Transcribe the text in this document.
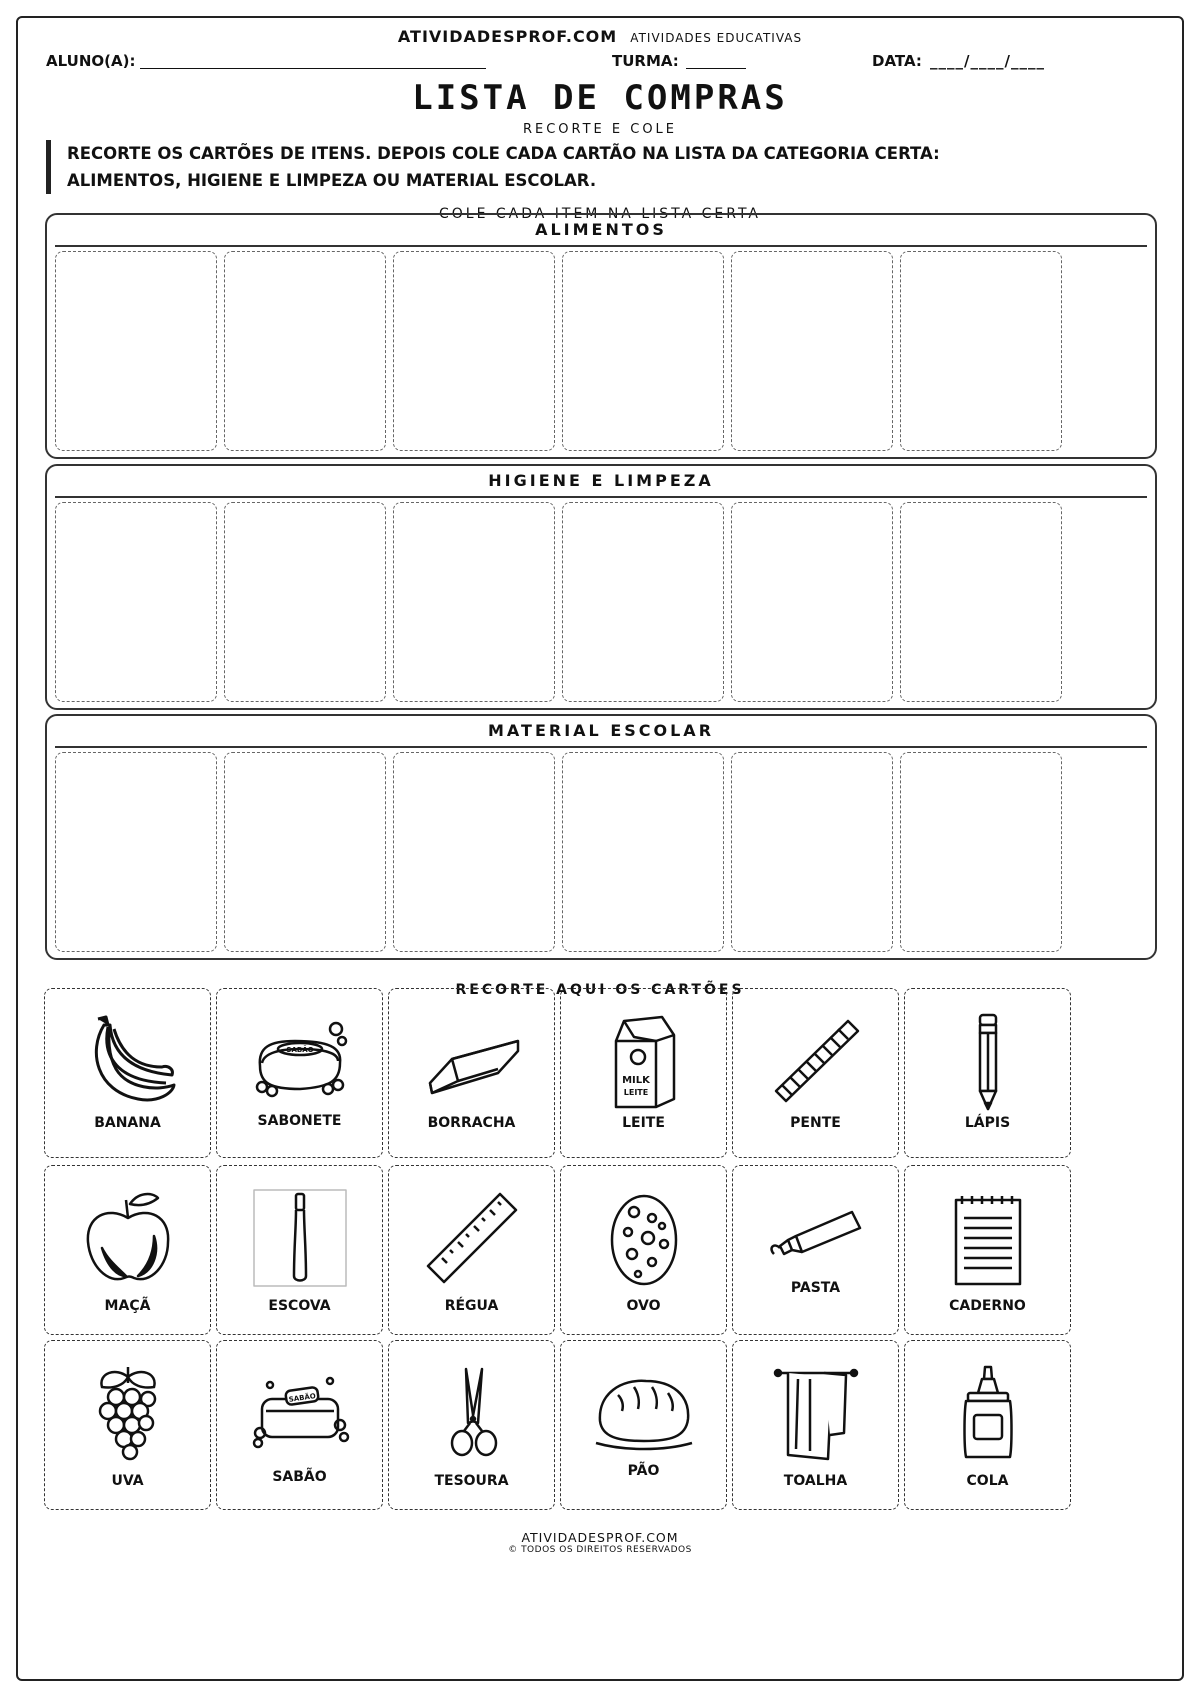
ATIVIDADESPROF.COM ATIVIDADES EDUCATIVAS
ALUNO(A):	TURMA:	DATA: ____/____/____
LISTA DE COMPRAS
RECORTE E COLE
RECORTE OS CARTÕES DE ITENS. DEPOIS COLE CADA CARTÃO NA LISTA DA CATEGORIA CERTA:
ALIMENTOS, HIGIENE E LIMPEZA OU MATERIAL ESCOLAR.
COLE CADA ITEM NA LISTA CERTA
ALIMENTOS
HIGIENE E LIMPEZA
MATERIAL ESCOLAR
RECORTE AQUI OS CARTÕES
BANANA
SABÃO
SABONETE	BORRACHA
MILK
LEITE
LEITE	PENTE	LÁPIS
MAÇÃ	ESCOVA	RÉGUA	OVO
PASTA
CADERNO
UVA
SABÃO
SABÃO	TESOURA
PÃO
TOALHA	COLA
ATIVIDADESPROF.COM
© TODOS OS DIREITOS RESERVADOS
